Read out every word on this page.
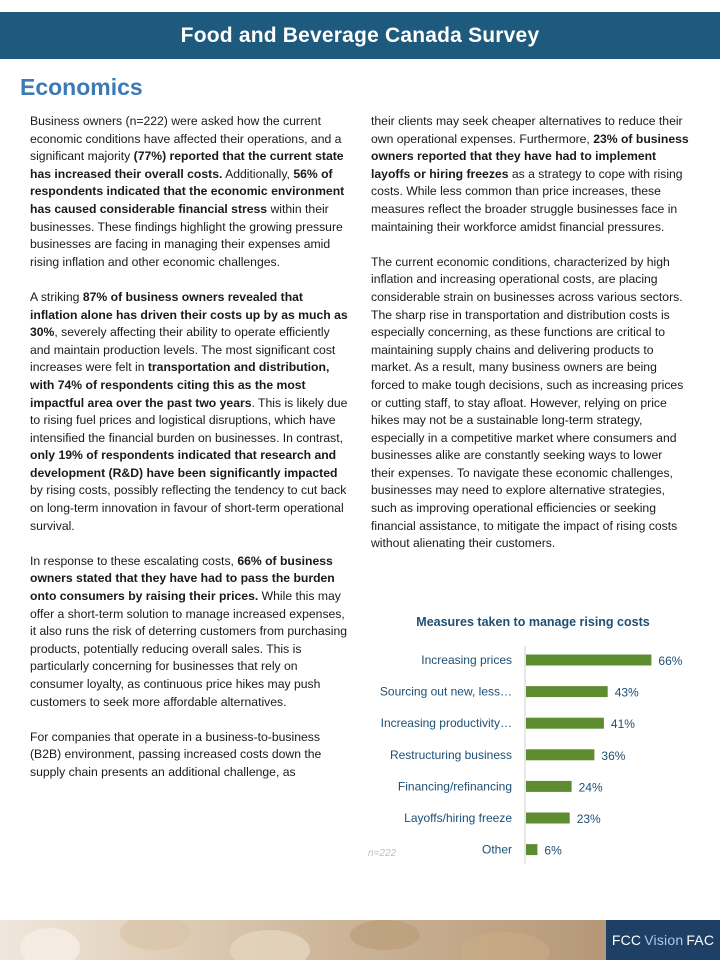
Food and Beverage Canada Survey
Economics

Business owners (n=222) were asked how the current economic conditions have affected their operations, and a significant majority (77%) reported that the current state has increased their overall costs. Additionally, 56% of respondents indicated that the economic environment has caused considerable financial stress within their businesses. These findings highlight the growing pressure businesses are facing in managing their expenses amid rising inflation and other economic challenges.

A striking 87% of business owners revealed that inflation alone has driven their costs up by as much as 30%, severely affecting their ability to operate efficiently and maintain production levels. The most significant cost increases were felt in transportation and distribution, with 74% of respondents citing this as the most impactful area over the past two years. This is likely due to rising fuel prices and logistical disruptions, which have intensified the financial burden on businesses. In contrast, only 19% of respondents indicated that research and development (R&D) have been significantly impacted by rising costs, possibly reflecting the tendency to cut back on long-term innovation in favour of short-term operational survival.

In response to these escalating costs, 66% of business owners stated that they have had to pass the burden onto consumers by raising their prices. While this may offer a short-term solution to manage increased expenses, it also runs the risk of deterring customers from purchasing products, potentially reducing overall sales. This is particularly concerning for businesses that rely on consumer loyalty, as continuous price hikes may push customers to seek more affordable alternatives.

For companies that operate in a business-to-business (B2B) environment, passing increased costs down the supply chain presents an additional challenge, as

their clients may seek cheaper alternatives to reduce their own operational expenses. Furthermore, 23% of business owners reported that they have had to implement layoffs or hiring freezes as a strategy to cope with rising costs. While less common than price increases, these measures reflect the broader struggle businesses face in maintaining their workforce amidst financial pressures.

The current economic conditions, characterized by high inflation and increasing operational costs, are placing considerable strain on businesses across various sectors. The sharp rise in transportation and distribution costs is especially concerning, as these functions are critical to maintaining supply chains and delivering products to market. As a result, many business owners are being forced to make tough decisions, such as increasing prices or cutting staff, to stay afloat. However, relying on price hikes may not be a sustainable long-term strategy, especially in a competitive market where consumers and businesses alike are constantly seeking ways to lower their expenses. To navigate these economic challenges, businesses may need to explore alternative strategies, such as improving operational efficiencies or seeking financial assistance, to mitigate the impact of rising costs without alienating their customers.

Measures taken to manage rising costs
Increasing prices	66%
Sourcing out new, less…	43%
Increasing productivity…	41%
Restructuring business	36%
Financing/refinancing	24%
Layoffs/hiring freeze	23%
Other	6%
n=222
FCC Vision FAC
